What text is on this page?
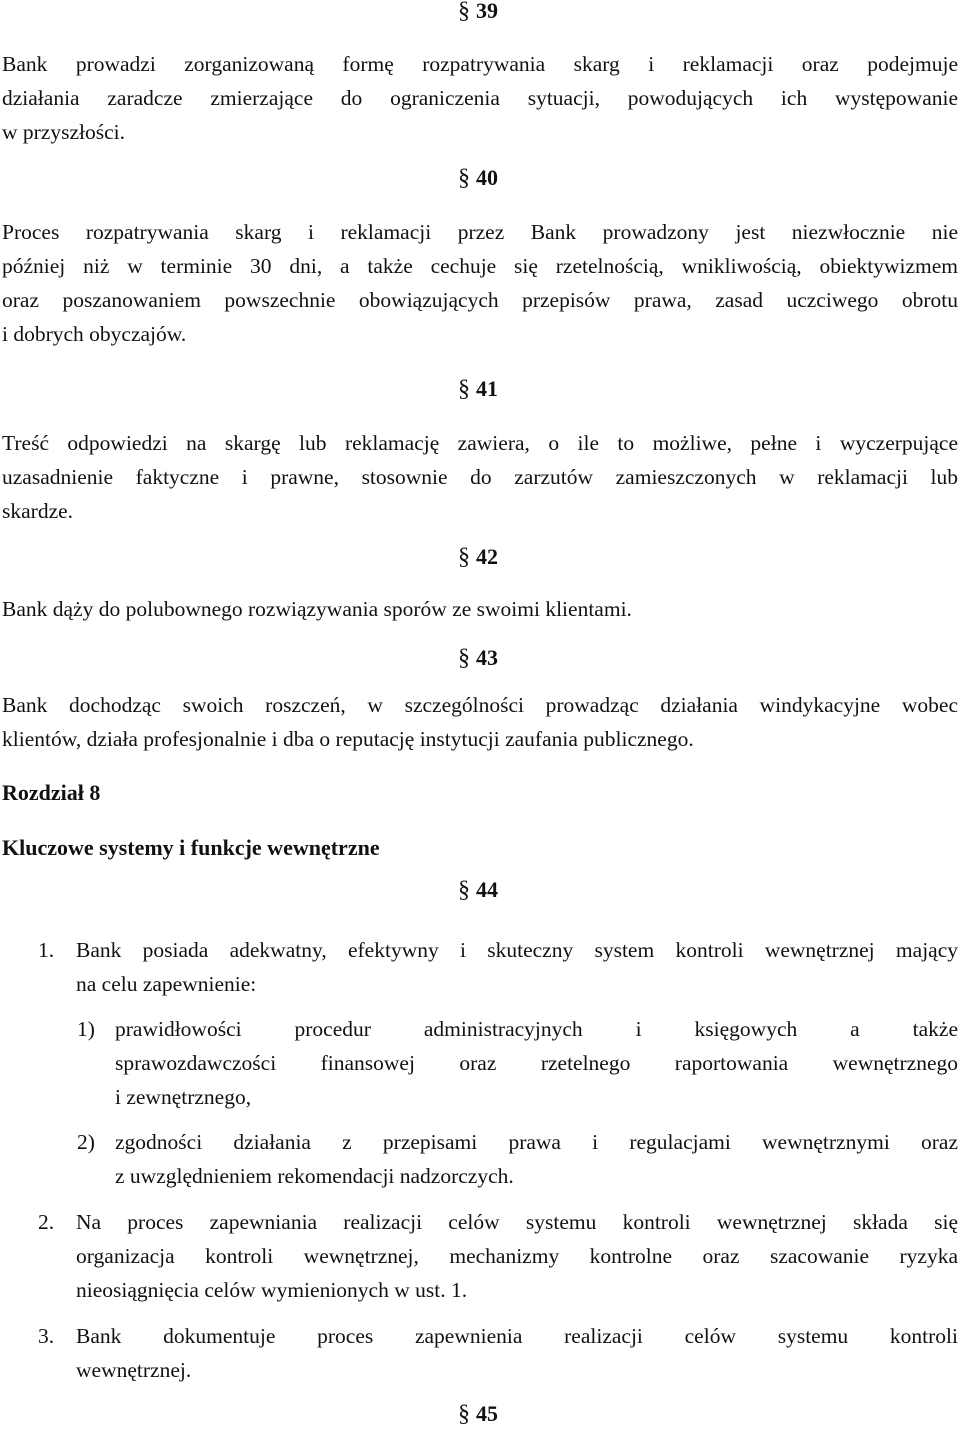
§ 39
Bank prowadzi zorganizowaną formę rozpatrywania skarg i reklamacji oraz podejmuje
działania zaradcze zmierzające do ograniczenia sytuacji, powodujących ich występowanie
w przyszłości.
§ 40
Proces rozpatrywania skarg i reklamacji przez Bank prowadzony jest niezwłocznie nie
później niż w terminie 30 dni, a także cechuje się rzetelnością, wnikliwością, obiektywizmem
oraz poszanowaniem powszechnie obowiązujących przepisów prawa, zasad uczciwego obrotu
i dobrych obyczajów.
§ 41
Treść odpowiedzi na skargę lub reklamację zawiera, o ile to możliwe, pełne i wyczerpujące
uzasadnienie faktyczne i prawne, stosownie do zarzutów zamieszczonych w reklamacji lub
skardze.
§ 42
Bank dąży do polubownego rozwiązywania sporów ze swoimi klientami.
§ 43
Bank dochodząc swoich roszczeń, w szczególności prowadząc działania windykacyjne wobec
klientów, działa profesjonalnie i dba o reputację instytucji zaufania publicznego.
Rozdział 8
Kluczowe systemy i funkcje wewnętrzne
§ 44
1. Bank posiada adekwatny, efektywny i skuteczny system kontroli wewnętrznej mający
na celu zapewnienie:
1) prawidłowości procedur administracyjnych i księgowych a także
sprawozdawczości finansowej oraz rzetelnego raportowania wewnętrznego
i zewnętrznego,
2) zgodności działania z przepisami prawa i regulacjami wewnętrznymi oraz
z uwzględnieniem rekomendacji nadzorczych.
2. Na proces zapewniania realizacji celów systemu kontroli wewnętrznej składa się
organizacja kontroli wewnętrznej, mechanizmy kontrolne oraz szacowanie ryzyka
nieosiągnięcia celów wymienionych w ust. 1.
3. Bank dokumentuje proces zapewnienia realizacji celów systemu kontroli
wewnętrznej.
§ 45
